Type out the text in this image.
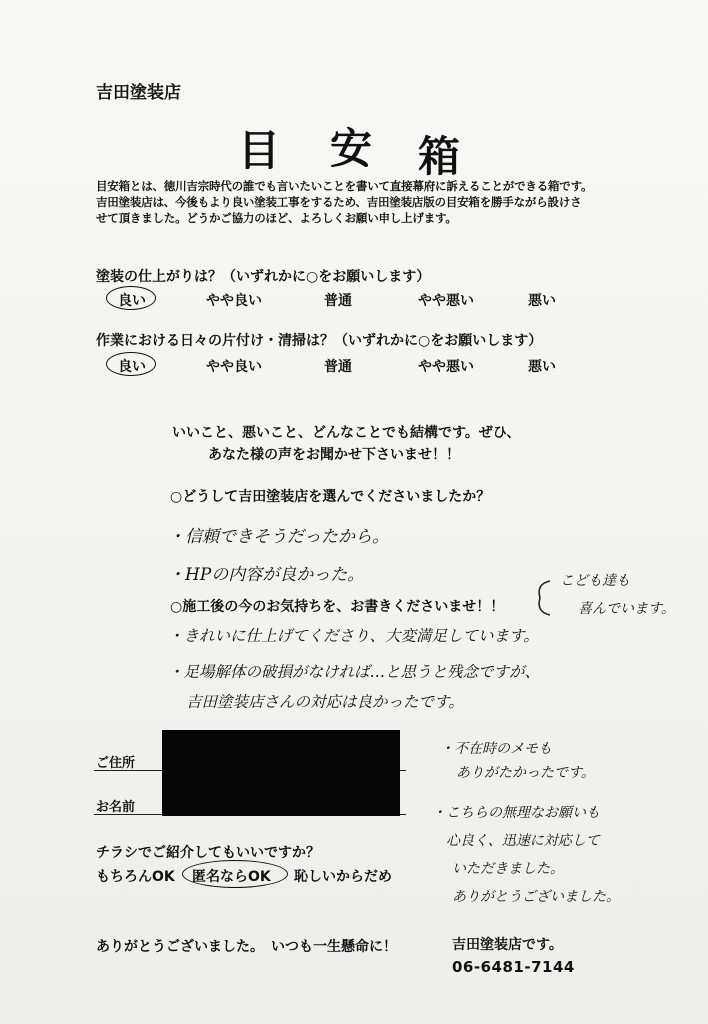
吉田塗装店
目 安 箱
目安箱とは、徳川吉宗時代の誰でも言いたいことを書いて直接幕府に訴えることができる箱です。
吉田塗装店は、今後もより良い塗装工事をするため、吉田塗装店版の目安箱を勝手ながら設けさ
せて頂きました。どうかご協力のほど、よろしくお願い申し上げます。
塗装の仕上がりは？（いずれかに○をお願いします）
良い	やや良い	普通	やや悪い	悪い
作業における日々の片付け・清掃は？（いずれかに○をお願いします）
良い	やや良い	普通	やや悪い	悪い
いいこと、悪いこと、どんなことでも結構です。ぜひ、
あなた様の声をお聞かせ下さいませ！！
○どうして吉田塗装店を選んでくださいましたか？
・信頼できそうだったから。
・HPの内容が良かった。	こども達も
喜んでいます。
○施工後の今のお気持ちを、お書きくださいませ！！
・きれいに仕上げてくださり、大変満足しています。
・足場解体の破損がなければ…と思うと残念ですが、
吉田塗装店さんの対応は良かったです。
ご住所
お名前
・不在時のメモも
ありがたかったです。
・こちらの無理なお願いも
心良く、迅速に対応して
いただきました。
ありがとうございました。
チラシでご紹介してもいいですか？
もちろんOK 匿名ならOK 恥しいからだめ
ありがとうございました。　いつも一生懸命に！	吉田塗装店です。
06-6481-7144
